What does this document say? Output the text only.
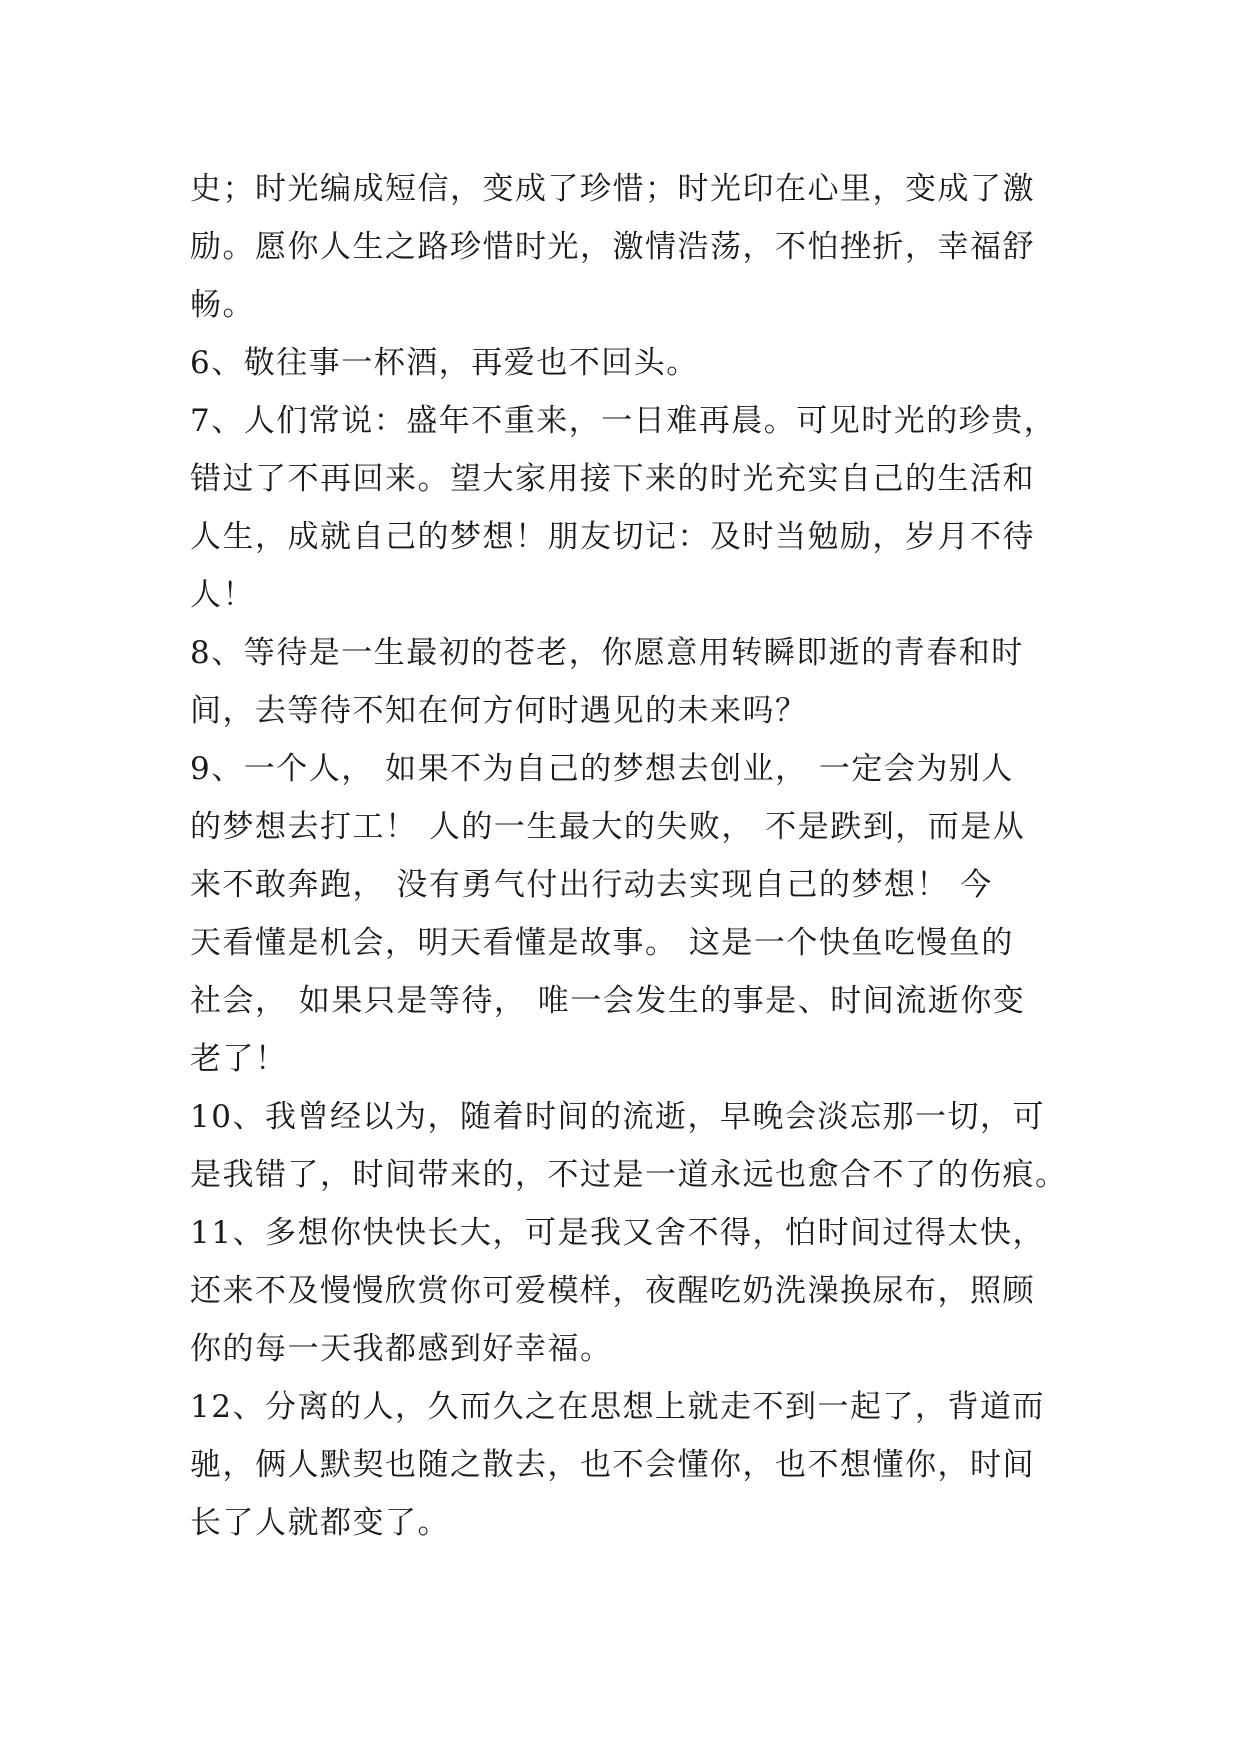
史；时光编成短信，变成了珍惜；时光印在心里，变成了激
励。愿你人生之路珍惜时光，激情浩荡，不怕挫折，幸福舒
畅。
6、敬往事一杯酒，再爱也不回头。
7、人们常说：盛年不重来，一日难再晨。可见时光的珍贵，
错过了不再回来。望大家用接下来的时光充实自己的生活和
人生，成就自己的梦想！朋友切记：及时当勉励，岁月不待
人！
8、等待是一生最初的苍老，你愿意用转瞬即逝的青春和时
间，去等待不知在何方何时遇见的未来吗？
9、一个人， 如果不为自己的梦想去创业， 一定会为别人
的梦想去打工！ 人的一生最大的失败， 不是跌到，而是从
来不敢奔跑， 没有勇气付出行动去实现自己的梦想！ 今
天看懂是机会，明天看懂是故事。 这是一个快鱼吃慢鱼的
社会， 如果只是等待， 唯一会发生的事是、时间流逝你变
老了！
10、我曾经以为，随着时间的流逝，早晚会淡忘那一切，可
是我错了，时间带来的，不过是一道永远也愈合不了的伤痕。
11、多想你快快长大，可是我又舍不得，怕时间过得太快，
还来不及慢慢欣赏你可爱模样，夜醒吃奶洗澡换尿布，照顾
你的每一天我都感到好幸福。
12、分离的人，久而久之在思想上就走不到一起了，背道而
驰，俩人默契也随之散去，也不会懂你，也不想懂你，时间
长了人就都变了。
